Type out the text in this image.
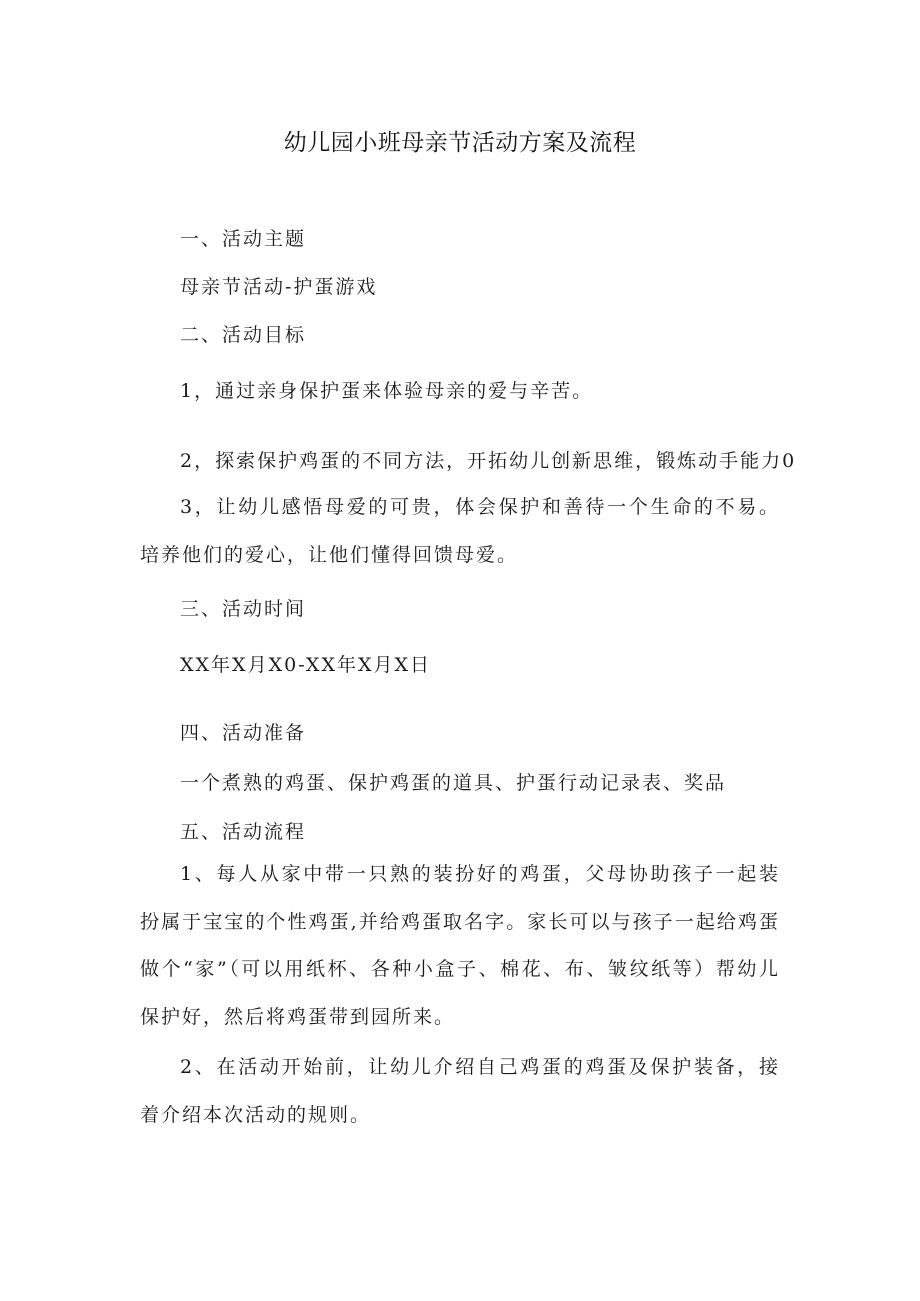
幼儿园小班母亲节活动方案及流程
一、活动主题
母亲节活动-护蛋游戏
二、活动目标
1，通过亲身保护蛋来体验母亲的爱与辛苦。
2，探索保护鸡蛋的不同方法，开拓幼儿创新思维，锻炼动手能力0
3，让幼儿感悟母爱的可贵，体会保护和善待一个生命的不易。培养他们的爱心，让他们懂得回馈母爱。
三、活动时间
XX年X月X0-XX年X月X日
四、活动准备
一个煮熟的鸡蛋、保护鸡蛋的道具、护蛋行动记录表、奖品
五、活动流程
1、每人从家中带一只熟的装扮好的鸡蛋，父母协助孩子一起装扮属于宝宝的个性鸡蛋,并给鸡蛋取名字。家长可以与孩子一起给鸡蛋做个“家”（可以用纸杯、各种小盒子、棉花、布、皱纹纸等）帮幼儿保护好，然后将鸡蛋带到园所来。
2、在活动开始前，让幼儿介绍自己鸡蛋的鸡蛋及保护装备，接着介绍本次活动的规则。
